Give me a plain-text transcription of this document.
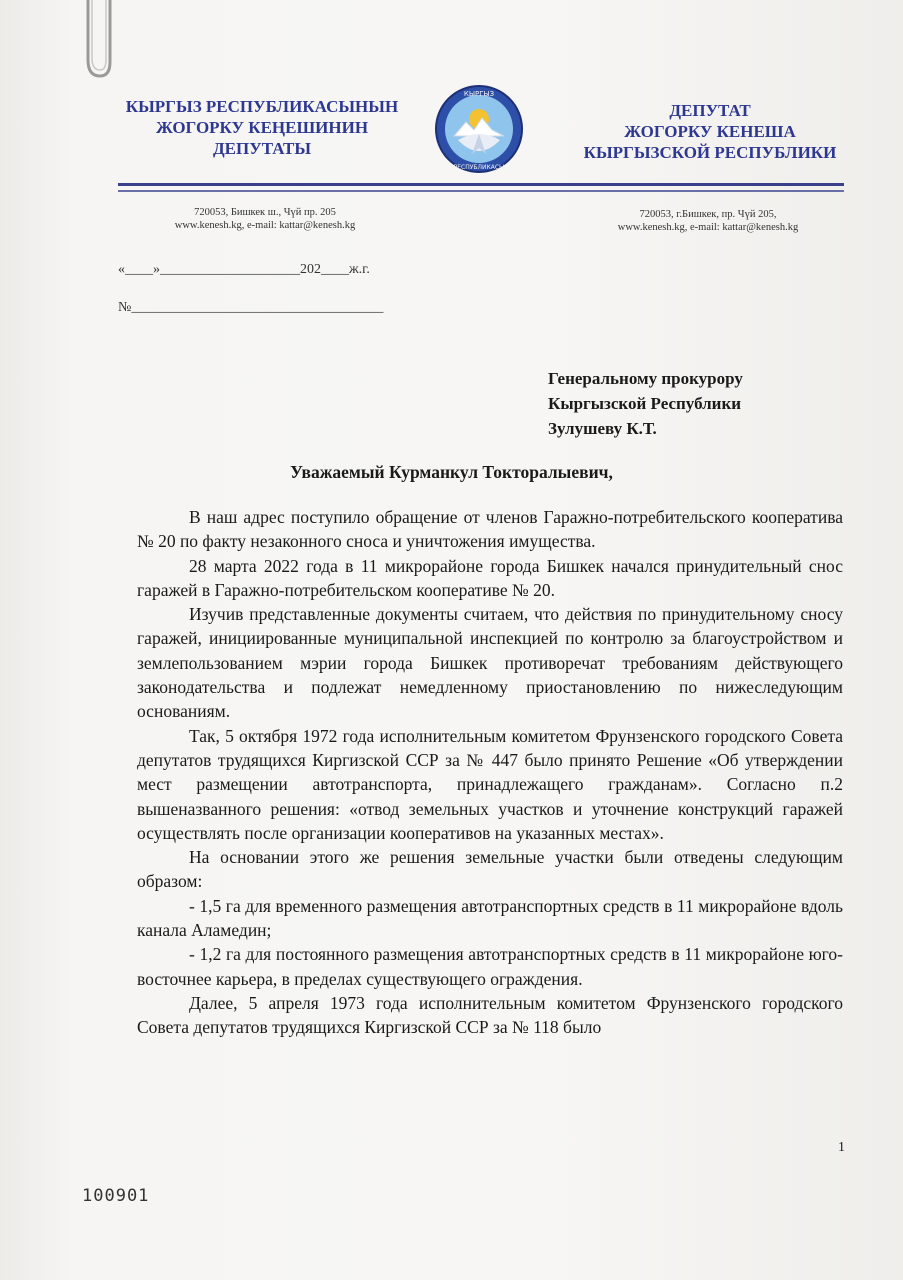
КЫРГЫЗ РЕСПУБЛИКАСЫНЫН
ЖОГОРКУ КЕҢЕШИНИН
ДЕПУТАТЫ
КЫРГЫЗ
РЕСПУБЛИКАСЫ
ДЕПУТАТ
ЖОГОРКУ КЕНЕША
КЫРГЫЗСКОЙ РЕСПУБЛИКИ
720053, Бишкек ш., Чүй пр. 205
www.kenesh.kg, e-mail: kattar@kenesh.kg
720053, г.Бишкек, пр. Чүй 205,
www.kenesh.kg, e-mail: kattar@kenesh.kg
«____»____________________202____ж.г.
№____________________________________
Генеральному прокурору
Кыргызской Республики
Зулушеву К.Т.
Уважаемый Курманкул Токторалыевич,

В наш адрес поступило обращение от членов Гаражно-потребительского кооператива № 20 по факту незаконного сноса и уничтожения имущества.

28 марта 2022 года в 11 микрорайоне города Бишкек начался принудительный снос гаражей в Гаражно-потребительском кооперативе № 20.

Изучив представленные документы считаем, что действия по принудительному сносу гаражей, инициированные муниципальной инспекцией по контролю за благоустройством и землепользованием мэрии города Бишкек противоречат требованиям действующего законодательства и подлежат немедленному приостановлению по нижеследующим основаниям.

Так, 5 октября 1972 года исполнительным комитетом Фрунзенского городского Совета депутатов трудящихся Киргизской ССР за № 447 было принято Решение «Об утверждении мест размещении автотранспорта, принадлежащего гражданам». Согласно п.2 вышеназванного решения: «отвод земельных участков и уточнение конструкций гаражей осуществлять после организации кооперативов на указанных местах».

На основании этого же решения земельные участки были отведены следующим образом:

- 1,5 га для временного размещения автотранспортных средств в 11 микрорайоне вдоль канала Аламедин;

- 1,2 га для постоянного размещения автотранспортных средств в 11 микрорайоне юго-восточнее карьера, в пределах существующего ограждения.

Далее, 5 апреля 1973 года исполнительным комитетом Фрунзенского городского Совета депутатов трудящихся Киргизской ССР за № 118 было

1
100901
